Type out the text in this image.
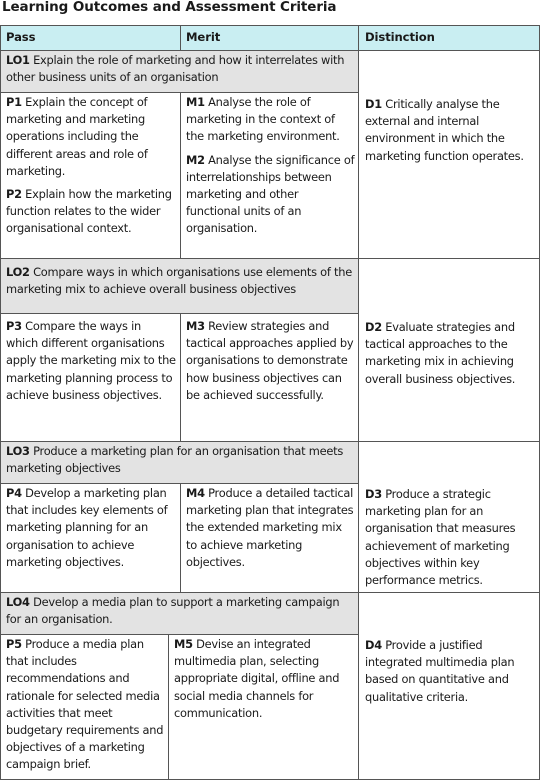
Learning Outcomes and Assessment Criteria
Pass	Merit	Distinction
LO1 Explain the role of marketing and how it interrelates with other business units of an organisation
P1 Explain the concept of marketing and marketing operations including the different areas and role of marketing.
P2 Explain how the marketing function relates to the wider organisational context.
M1 Analyse the role of marketing in the context of the marketing environment.
M2 Analyse the significance of interrelationships between marketing and other functional units of an organisation.
D1 Critically analyse the external and internal environment in which the marketing function operates.
LO2 Compare ways in which organisations use elements of the marketing mix to achieve overall business objectives
P3 Compare the ways in which different organisations apply the marketing mix to the marketing planning process to achieve business objectives.
M3 Review strategies and tactical approaches applied by organisations to demonstrate how business objectives can be achieved successfully.
D2 Evaluate strategies and tactical approaches to the marketing mix in achieving overall business objectives.
LO3 Produce a marketing plan for an organisation that meets marketing objectives
P4 Develop a marketing plan that includes key elements of marketing planning for an organisation to achieve marketing objectives.
M4 Produce a detailed tactical marketing plan that integrates the extended marketing mix to achieve marketing objectives.
D3 Produce a strategic marketing plan for an organisation that measures achievement of marketing objectives within key performance metrics.
LO4 Develop a media plan to support a marketing campaign for an organisation.
P5 Produce a media plan that includes recommendations and rationale for selected media activities that meet budgetary requirements and objectives of a marketing campaign brief.
M5 Devise an integrated multimedia plan, selecting appropriate digital, offline and social media channels for communication.
D4 Provide a justified integrated multimedia plan based on quantitative and qualitative criteria.
